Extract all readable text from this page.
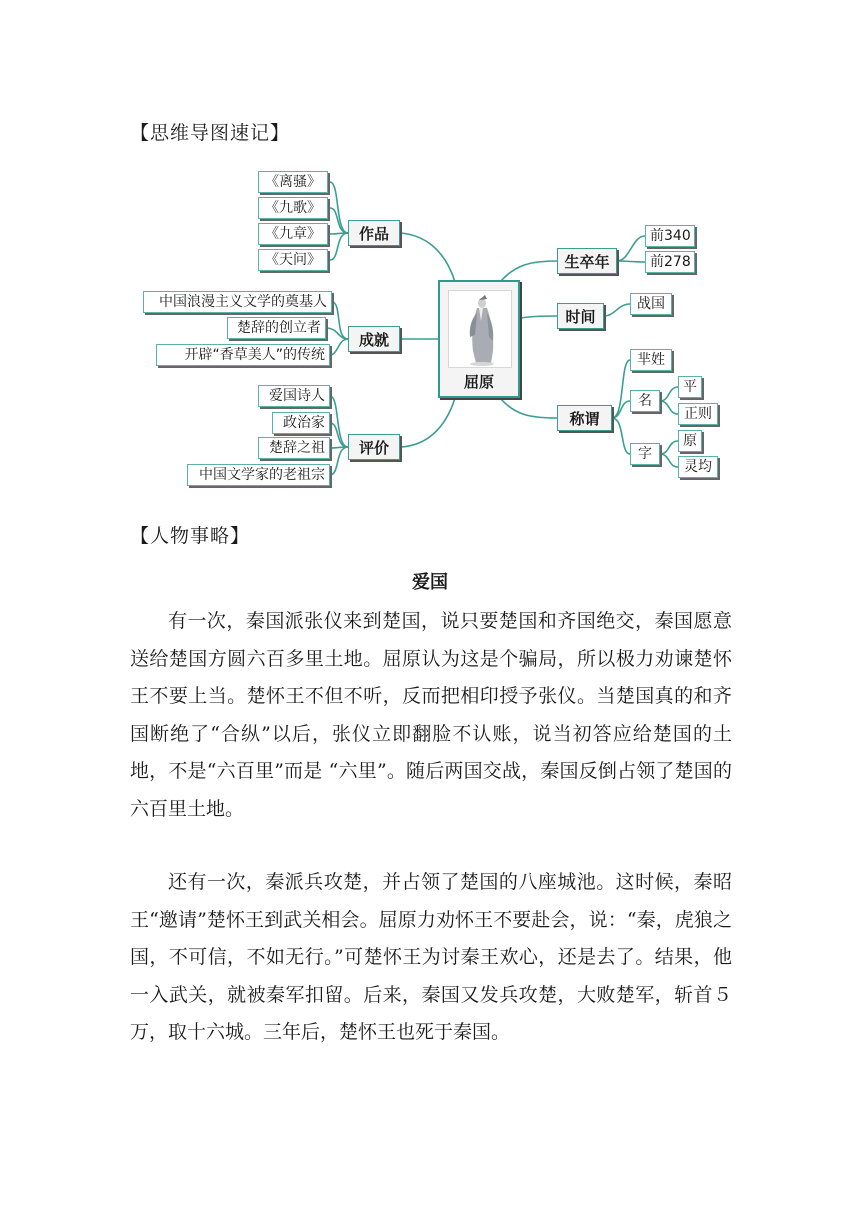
【思维导图速记】
《离骚》
《九歌》
《九章》
《天问》
作品
中国浪漫主义文学的奠基人
楚辞的创立者
开辟“香草美人”的传统
成就
爱国诗人
政治家
楚辞之祖
中国文学家的老祖宗
评价
屈原
生卒年
前340
前278
时间
战国
称谓
芈姓
名
平
正则
字
原
灵均
【人物事略】
爱国
有一次，秦国派张仪来到楚国，说只要楚国和齐国绝交，秦国愿意送给楚国方圆六百多里土地。屈原认为这是个骗局，所以极力劝谏楚怀王不要上当。楚怀王不但不听，反而把相印授予张仪。当楚国真的和齐国断绝了“合纵”以后，张仪立即翻脸不认账，说当初答应给楚国的土地，不是“六百里”而是 “六里”。随后两国交战，秦国反倒占领了楚国的六百里土地。
还有一次，秦派兵攻楚，并占领了楚国的八座城池。这时候，秦昭王“邀请”楚怀王到武关相会。屈原力劝怀王不要赴会，说：“秦，虎狼之国，不可信，不如无行。”可楚怀王为讨秦王欢心，还是去了。结果，他一入武关，就被秦军扣留。后来，秦国又发兵攻楚，大败楚军，斩首５万，取十六城。三年后，楚怀王也死于秦国。
